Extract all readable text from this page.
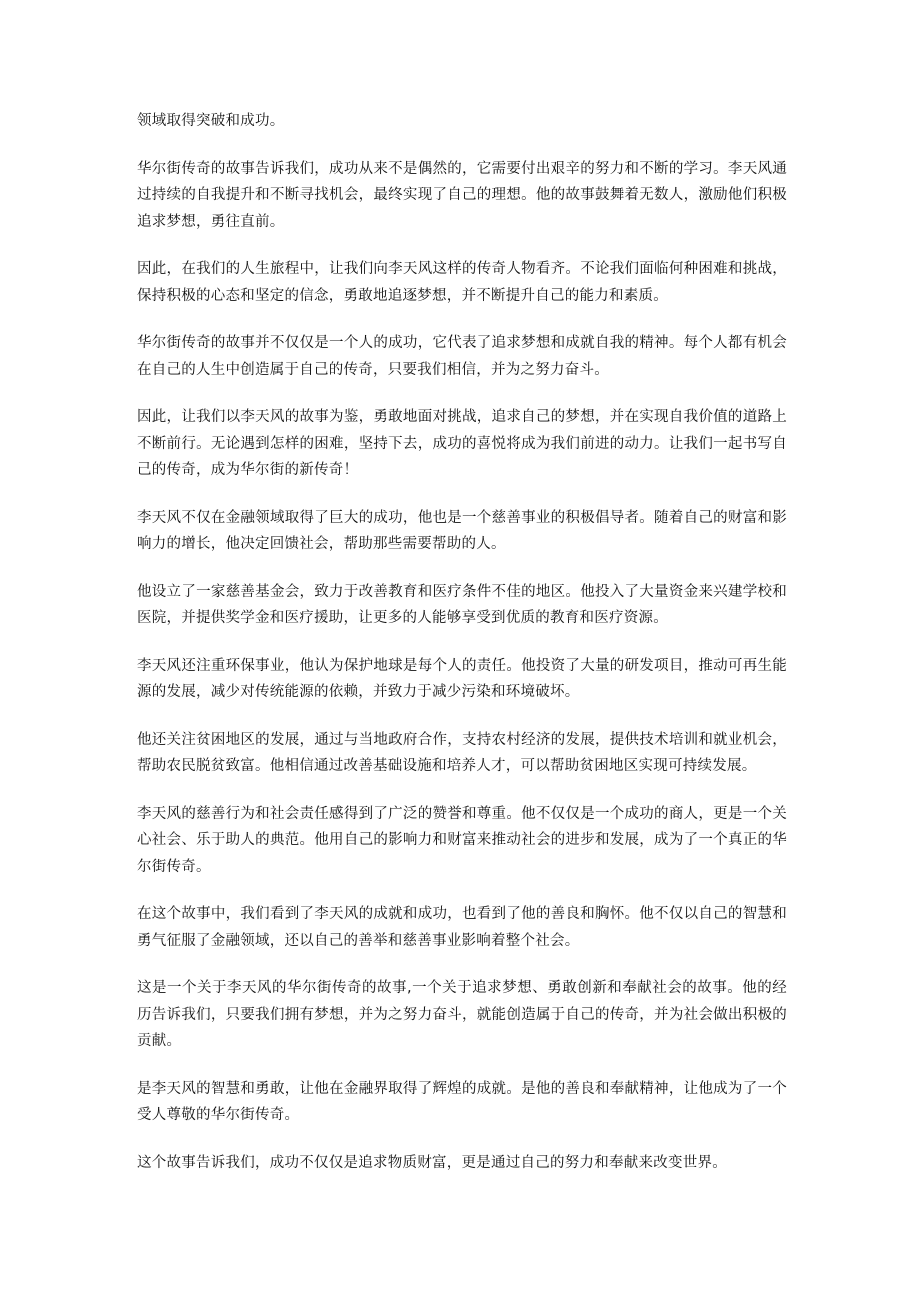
领域取得突破和成功。

华尔街传奇的故事告诉我们，成功从来不是偶然的，它需要付出艰辛的努力和不断的学习。李天风通过持续的自我提升和不断寻找机会，最终实现了自己的理想。他的故事鼓舞着无数人，激励他们积极追求梦想，勇往直前。

因此，在我们的人生旅程中，让我们向李天风这样的传奇人物看齐。不论我们面临何种困难和挑战，保持积极的心态和坚定的信念，勇敢地追逐梦想，并不断提升自己的能力和素质。

华尔街传奇的故事并不仅仅是一个人的成功，它代表了追求梦想和成就自我的精神。每个人都有机会在自己的人生中创造属于自己的传奇，只要我们相信，并为之努力奋斗。

因此，让我们以李天风的故事为鉴，勇敢地面对挑战，追求自己的梦想，并在实现自我价值的道路上不断前行。无论遇到怎样的困难，坚持下去，成功的喜悦将成为我们前进的动力。让我们一起书写自己的传奇，成为华尔街的新传奇！

李天风不仅在金融领域取得了巨大的成功，他也是一个慈善事业的积极倡导者。随着自己的财富和影响力的增长，他决定回馈社会，帮助那些需要帮助的人。

他设立了一家慈善基金会，致力于改善教育和医疗条件不佳的地区。他投入了大量资金来兴建学校和医院，并提供奖学金和医疗援助，让更多的人能够享受到优质的教育和医疗资源。

李天风还注重环保事业，他认为保护地球是每个人的责任。他投资了大量的研发项目，推动可再生能源的发展，减少对传统能源的依赖，并致力于减少污染和环境破坏。

他还关注贫困地区的发展，通过与当地政府合作，支持农村经济的发展，提供技术培训和就业机会，帮助农民脱贫致富。他相信通过改善基础设施和培养人才，可以帮助贫困地区实现可持续发展。

李天风的慈善行为和社会责任感得到了广泛的赞誉和尊重。他不仅仅是一个成功的商人，更是一个关心社会、乐于助人的典范。他用自己的影响力和财富来推动社会的进步和发展，成为了一个真正的华尔街传奇。

在这个故事中，我们看到了李天风的成就和成功，也看到了他的善良和胸怀。他不仅以自己的智慧和勇气征服了金融领域，还以自己的善举和慈善事业影响着整个社会。

这是一个关于李天风的华尔街传奇的故事,一个关于追求梦想、勇敢创新和奉献社会的故事。他的经历告诉我们，只要我们拥有梦想，并为之努力奋斗，就能创造属于自己的传奇，并为社会做出积极的贡献。

是李天风的智慧和勇敢，让他在金融界取得了辉煌的成就。是他的善良和奉献精神，让他成为了一个受人尊敬的华尔街传奇。

这个故事告诉我们，成功不仅仅是追求物质财富，更是通过自己的努力和奉献来改变世界。
